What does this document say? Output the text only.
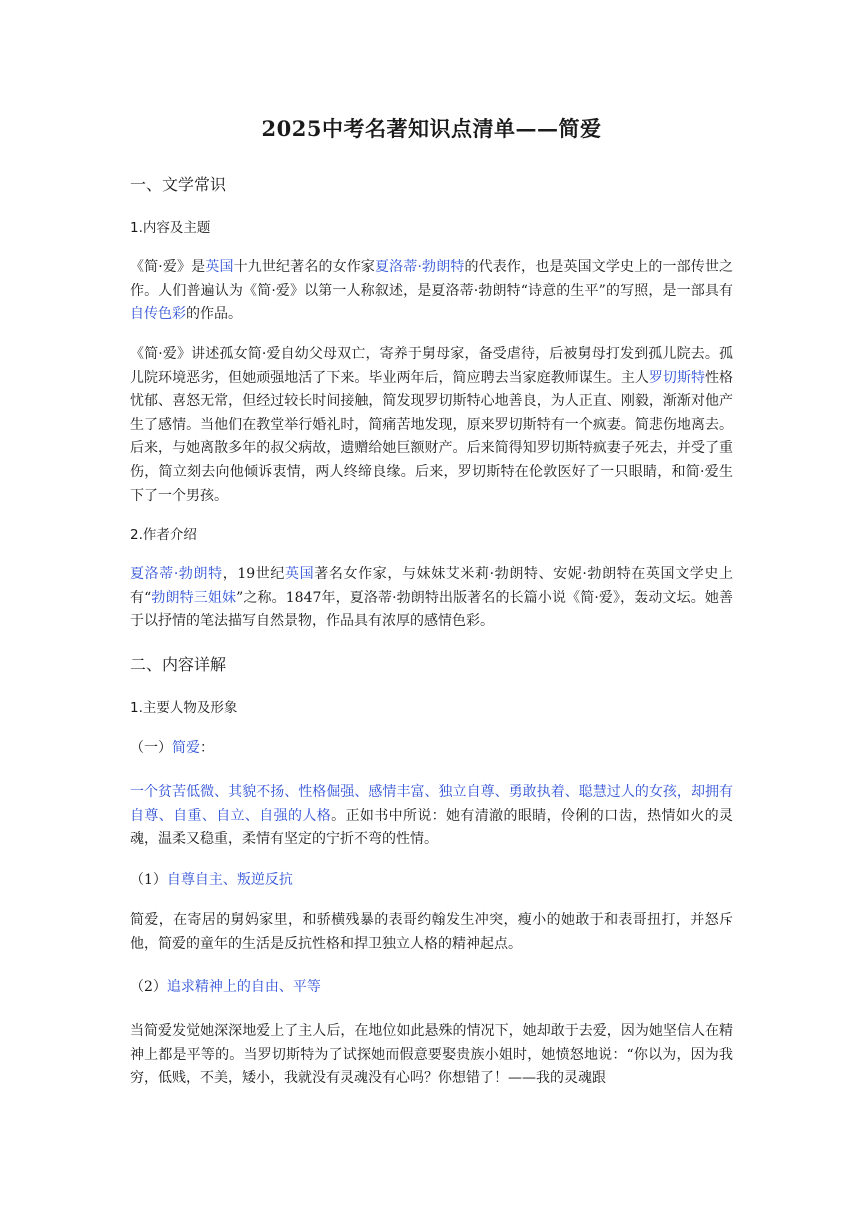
2025中考名著知识点清单——简爱
一、文学常识
1.内容及主题

《简·爱》是英国十九世纪著名的女作家夏洛蒂·勃朗特的代表作，也是英国文学史上的一部传世之作。人们普遍认为《简·爱》以第一人称叙述，是夏洛蒂·勃朗特“诗意的生平”的写照，是一部具有自传色彩的作品。

《简·爱》讲述孤女简·爱自幼父母双亡，寄养于舅母家，备受虐待，后被舅母打发到孤儿院去。孤儿院环境恶劣，但她顽强地活了下来。毕业两年后，简应聘去当家庭教师谋生。主人罗切斯特性格忧郁、喜怒无常，但经过较长时间接触，简发现罗切斯特心地善良，为人正直、刚毅，渐渐对他产生了感情。当他们在教堂举行婚礼时，简痛苦地发现，原来罗切斯特有一个疯妻。简悲伤地离去。后来，与她离散多年的叔父病故，遗赠给她巨额财产。后来简得知罗切斯特疯妻子死去，并受了重伤，简立刻去向他倾诉衷情，两人终缔良缘。后来，罗切斯特在伦敦医好了一只眼睛，和简·爱生下了一个男孩。

2.作者介绍

夏洛蒂·勃朗特，19世纪英国著名女作家，与妹妹艾米莉·勃朗特、安妮·勃朗特在英国文学史上有“勃朗特三姐妹”之称。1847年，夏洛蒂·勃朗特出版著名的长篇小说《简·爱》，轰动文坛。她善于以抒情的笔法描写自然景物，作品具有浓厚的感情色彩。

二、内容详解
1.主要人物及形象

（一）简爱：

一个贫苦低微、其貌不扬、性格倔强、感情丰富、独立自尊、勇敢执着、聪慧过人的女孩，却拥有自尊、自重、自立、自强的人格。正如书中所说：她有清澈的眼睛，伶俐的口齿，热情如火的灵魂，温柔又稳重，柔情有坚定的宁折不弯的性情。

（1）自尊自主、叛逆反抗

简爱，在寄居的舅妈家里，和骄横残暴的表哥约翰发生冲突，瘦小的她敢于和表哥扭打，并怒斥他，简爱的童年的生活是反抗性格和捍卫独立人格的精神起点。

（2）追求精神上的自由、平等

当简爱发觉她深深地爱上了主人后，在地位如此悬殊的情况下，她却敢于去爱，因为她坚信人在精神上都是平等的。当罗切斯特为了试探她而假意要娶贵族小姐时，她愤怒地说：“你以为，因为我穷，低贱，不美，矮小，我就没有灵魂没有心吗？你想错了！——我的灵魂跟
